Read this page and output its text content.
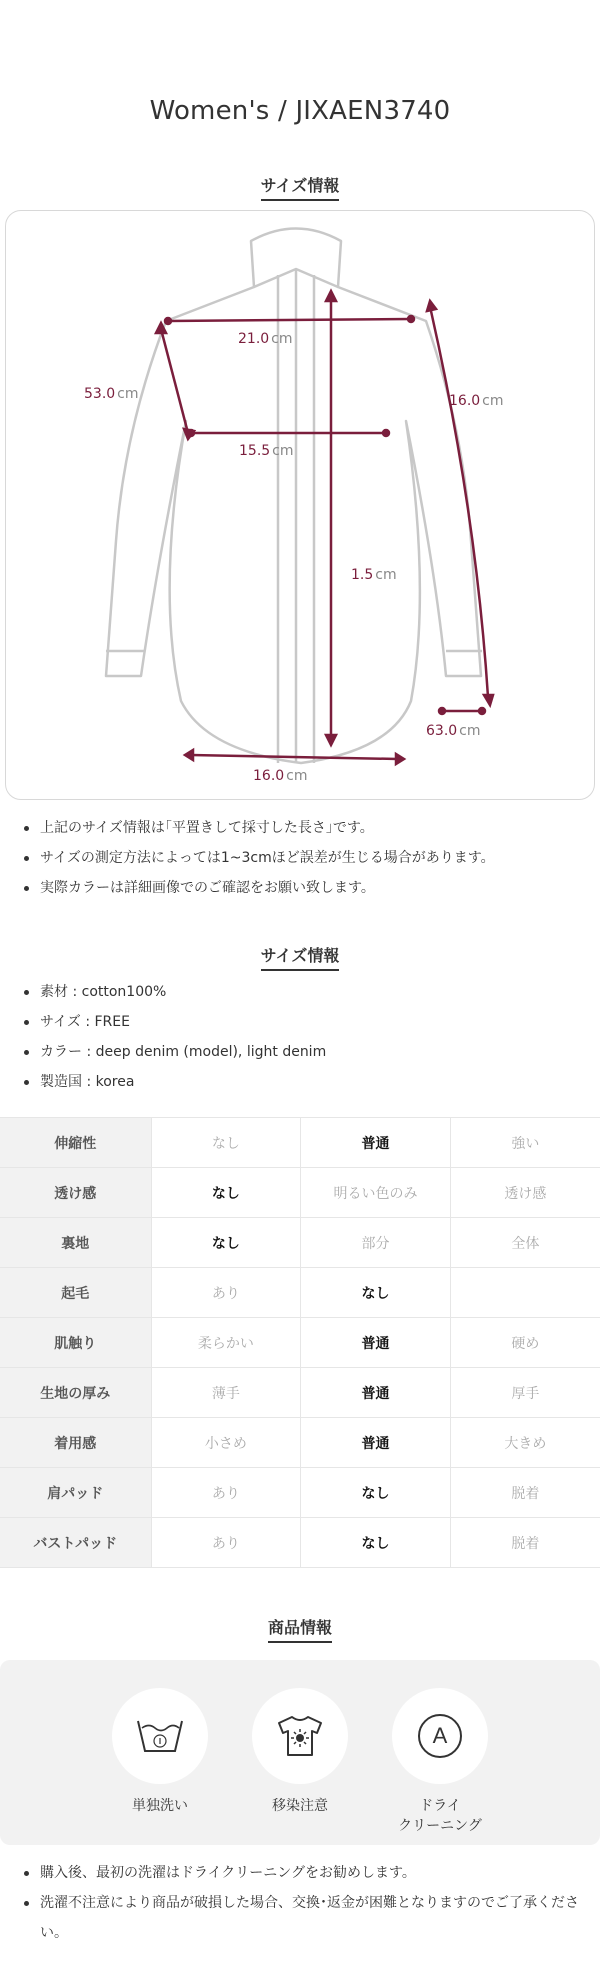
Women's / JIXAEN3740
サイズ情報
21.0 cm
53.0 cm	16.0 cm
15.5 cm
1.5 cm
63.0 cm
16.0 cm
上記のサイズ情報は｢平置きして採寸した長さ｣です。
サイズの測定方法によっては1~3cmほど誤差が生じる場合があります。
実際カラーは詳細画像でのご確認をお願い致します。
サイズ情報
素材 : cotton100%
サイズ : FREE
カラー : deep denim (model), light denim
製造国 : korea
伸縮性	なし	普通	強い
透け感	なし	明るい色のみ	透け感
裏地	なし	部分	全体
起毛	あり	なし	
肌触り	柔らかい	普通	硬め
生地の厚み	薄手	普通	厚手
着用感	小さめ	普通	大きめ
肩パッド	あり	なし	脱着
バストパッド	あり	なし	脱着
商品情報
単独洗い	移染注意
A
ドライ
クリーニング
購入後、最初の洗濯はドライクリーニングをお勧めします。
洗濯不注意により商品が破損した場合、交換･返金が困難となりますのでご了承ください。
